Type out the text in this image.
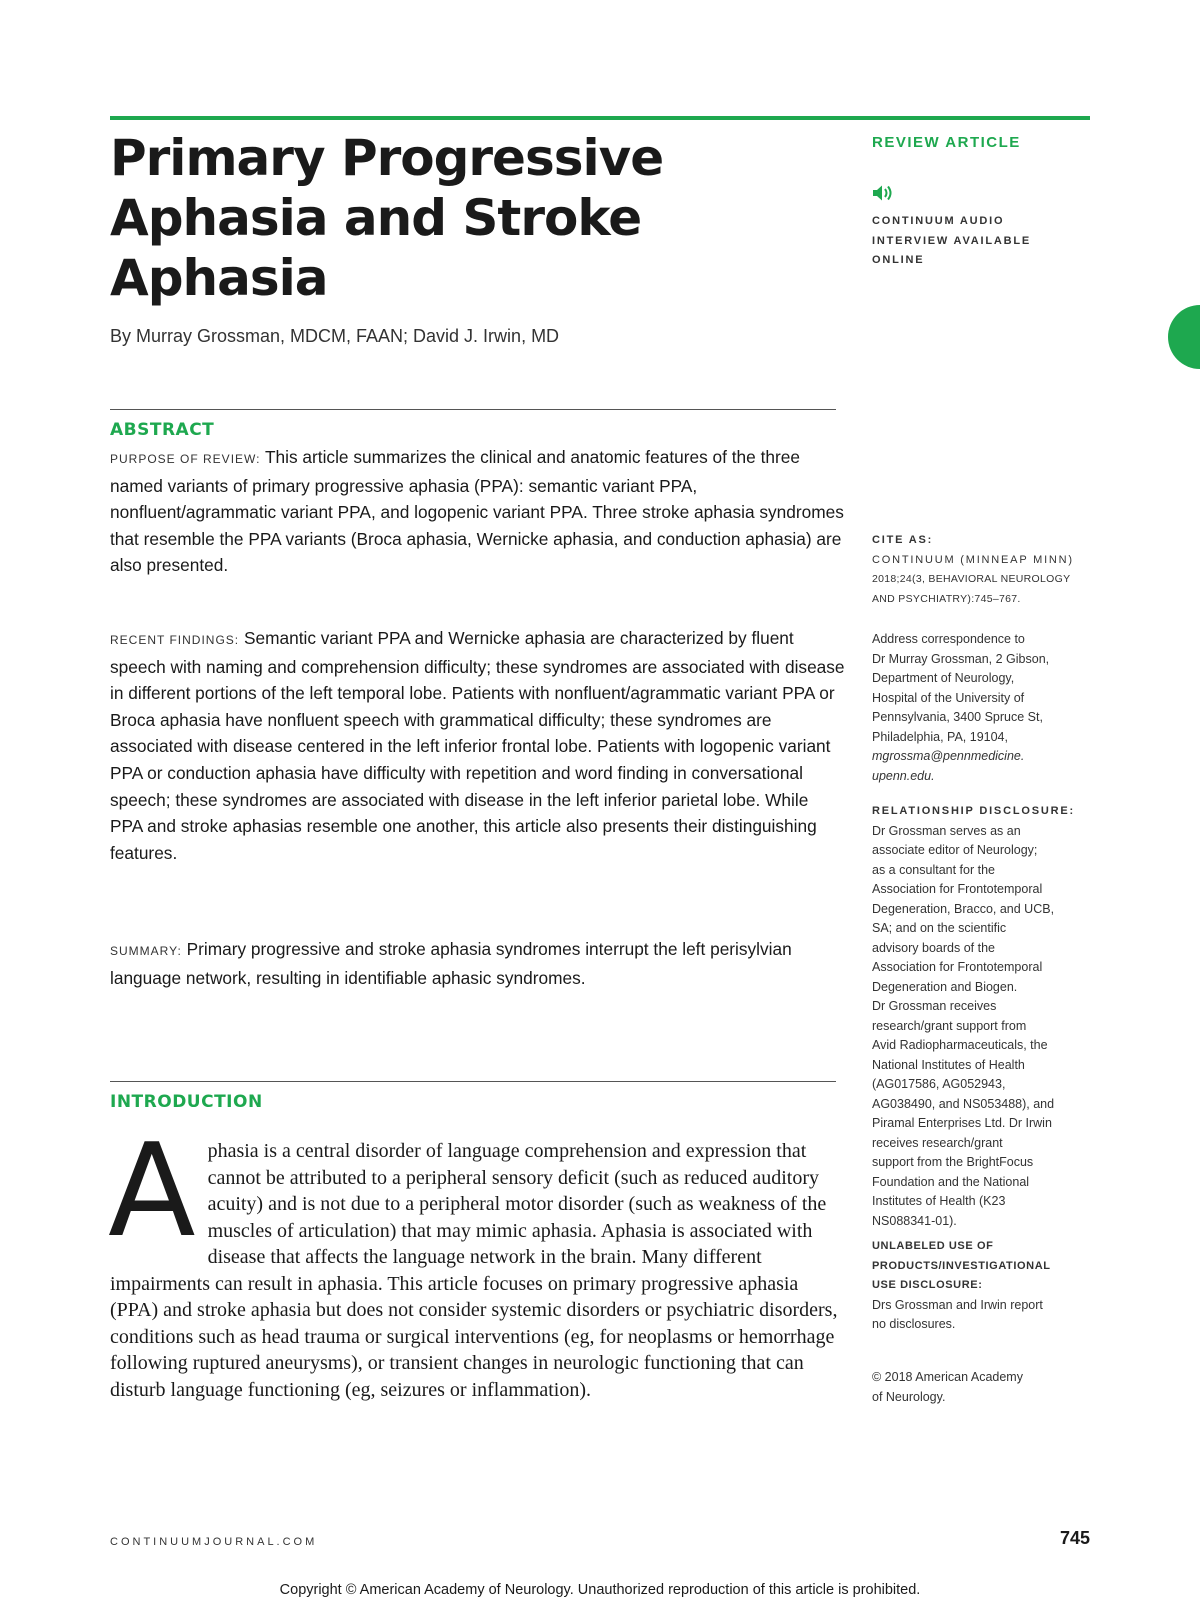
Primary Progressive
Aphasia and Stroke
Aphasia

By Murray Grossman, MDCM, FAAN; David J. Irwin, MD

ABSTRACT

PURPOSE OF REVIEW: This article summarizes the clinical and anatomic features of the three named variants of primary progressive aphasia (PPA): semantic variant PPA, nonfluent/agrammatic variant PPA, and logopenic variant PPA. Three stroke aphasia syndromes that resemble the PPA variants (Broca aphasia, Wernicke aphasia, and conduction aphasia) are also presented.

RECENT FINDINGS: Semantic variant PPA and Wernicke aphasia are characterized by fluent speech with naming and comprehension difficulty; these syndromes are associated with disease in different portions of the left temporal lobe. Patients with nonfluent/agrammatic variant PPA or Broca aphasia have nonfluent speech with grammatical difficulty; these syndromes are associated with disease centered in the left inferior frontal lobe. Patients with logopenic variant PPA or conduction aphasia have difficulty with repetition and word finding in conversational speech; these syndromes are associated with disease in the left inferior parietal lobe. While PPA and stroke aphasias resemble one another, this article also presents their distinguishing features.

SUMMARY: Primary progressive and stroke aphasia syndromes interrupt the left perisylvian language network, resulting in identifiable aphasic syndromes.

INTRODUCTION

Aphasia is a central disorder of language comprehension and expression that cannot be attributed to a peripheral sensory deficit (such as reduced auditory acuity) and is not due to a peripheral motor disorder (such as weakness of the muscles of articulation) that may mimic aphasia. Aphasia is associated with disease that affects the language network in the brain. Many different impairments can result in aphasia. This article focuses on primary progressive aphasia (PPA) and stroke aphasia but does not consider systemic disorders or psychiatric disorders, conditions such as head trauma or surgical interventions (eg, for neoplasms or hemorrhage following ruptured aneurysms), or transient changes in neurologic functioning that can disturb language functioning (eg, seizures or inflammation).

REVIEW ARTICLE

CONTINUUM AUDIO
INTERVIEW AVAILABLE
ONLINE
CITE AS:
CONTINUUM (MINNEAP MINN)
2018;24(3, BEHAVIORAL NEUROLOGY
AND PSYCHIATRY):745–767.
Address correspondence to
Dr Murray Grossman, 2 Gibson,
Department of Neurology,
Hospital of the University of
Pennsylvania, 3400 Spruce St,
Philadelphia, PA, 19104,
mgrossma@pennmedicine.
upenn.edu.
RELATIONSHIP DISCLOSURE:
Dr Grossman serves as an
associate editor of Neurology;
as a consultant for the
Association for Frontotemporal
Degeneration, Bracco, and UCB,
SA; and on the scientific
advisory boards of the
Association for Frontotemporal
Degeneration and Biogen.
Dr Grossman receives
research/grant support from
Avid Radiopharmaceuticals, the
National Institutes of Health
(AG017586, AG052943,
AG038490, and NS053488), and
Piramal Enterprises Ltd. Dr Irwin
receives research/grant
support from the BrightFocus
Foundation and the National
Institutes of Health (K23
NS088341-01).
UNLABELED USE OF
PRODUCTS/INVESTIGATIONAL
USE DISCLOSURE:
Drs Grossman and Irwin report
no disclosures.
© 2018 American Academy
of Neurology.

CONTINUUMJOURNAL.COM	745

Copyright © American Academy of Neurology. Unauthorized reproduction of this article is prohibited.
